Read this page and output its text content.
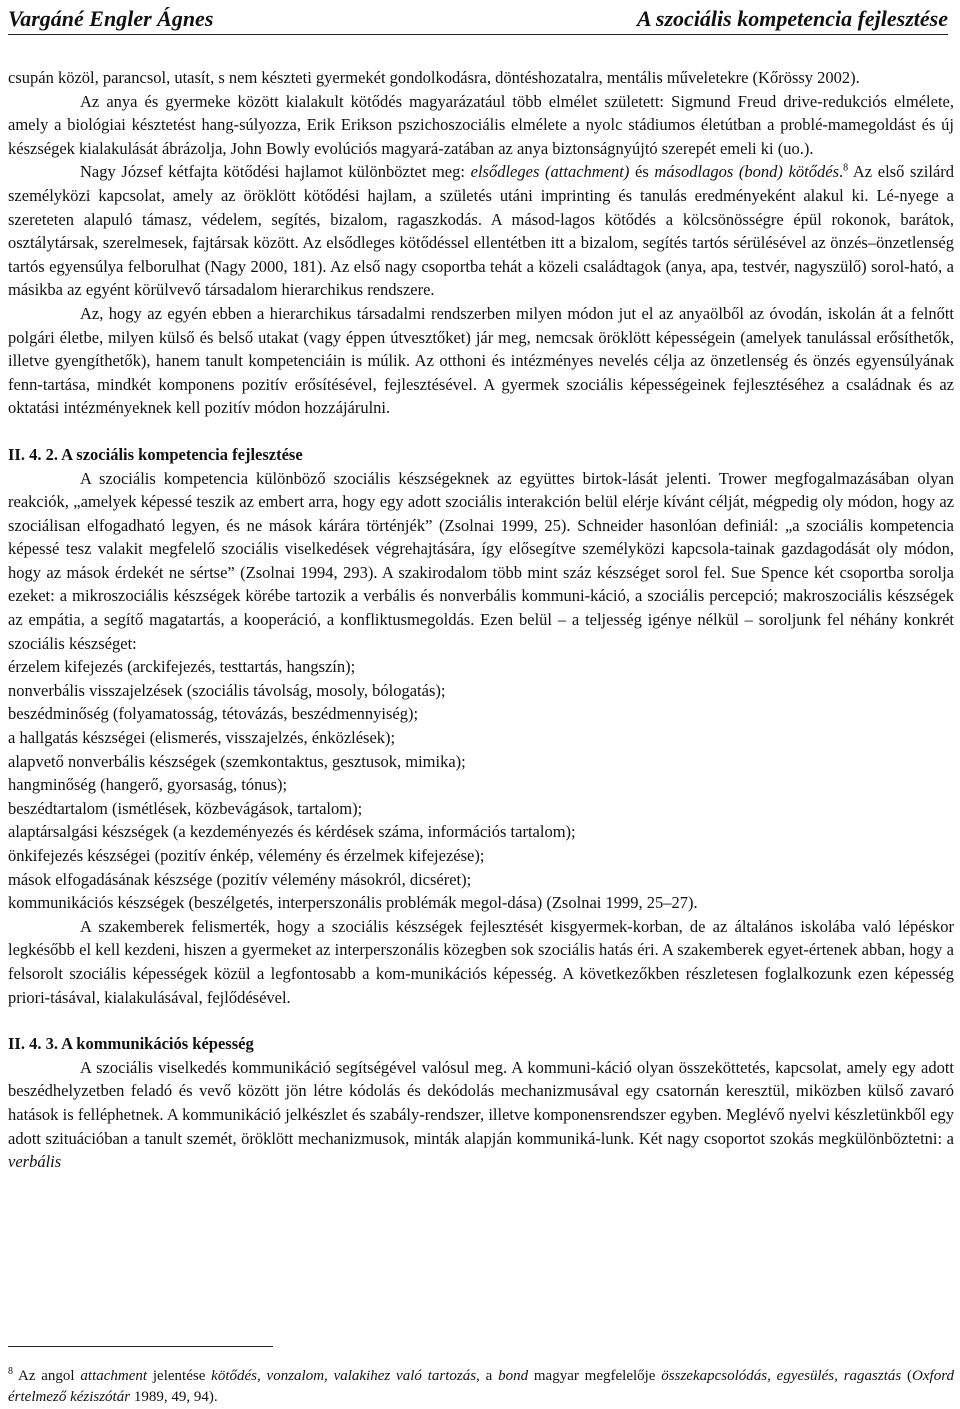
Vargáné Engler Ágnes	A szociális kompetencia fejlesztése

csupán közöl, parancsol, utasít, s nem készteti gyermekét gondolkodásra, döntéshozatalra, mentális műveletekre (Kőrössy 2002).

Az anya és gyermeke között kialakult kötődés magyarázatául több elmélet született: Sigmund Freud drive-redukciós elmélete, amely a biológiai késztetést hang-súlyozza, Erik Erikson pszichoszociális elmélete a nyolc stádiumos életútban a problé-mamegoldást és új készségek kialakulását ábrázolja, John Bowly evolúciós magyará-zatában az anya biztonságnyújtó szerepét emeli ki (uo.).

Nagy József kétfajta kötődési hajlamot különböztet meg: elsődleges (attachment) és másodlagos (bond) kötődés.$^8$ Az első szilárd személyközi kapcsolat, amely az öröklött kötődési hajlam, a születés utáni imprinting és tanulás eredményeként alakul ki. Lé-nyege a szereteten alapuló támasz, védelem, segítés, bizalom, ragaszkodás. A másod-lagos kötődés a kölcsönösségre épül rokonok, barátok, osztálytársak, szerelmesek, fajtársak között. Az elsődleges kötődéssel ellentétben itt a bizalom, segítés tartós sérülésével az önzés–önzetlenség tartós egyensúlya felborulhat (Nagy 2000, 181). Az első nagy csoportba tehát a közeli családtagok (anya, apa, testvér, nagyszülő) sorol-ható, a másikba az egyént körülvevő társadalom hierarchikus rendszere.

Az, hogy az egyén ebben a hierarchikus társadalmi rendszerben milyen módon jut el az anyaölből az óvodán, iskolán át a felnőtt polgári életbe, milyen külső és belső utakat (vagy éppen útvesztőket) jár meg, nemcsak öröklött képességein (amelyek tanulással erősíthetők, illetve gyengíthetők), hanem tanult kompetenciáin is múlik. Az otthoni és intézményes nevelés célja az önzetlenség és önzés egyensúlyának fenn-tartása, mindkét komponens pozitív erősítésével, fejlesztésével. A gyermek szociális képességeinek fejlesztéséhez a családnak és az oktatási intézményeknek kell pozitív módon hozzájárulni.

II. 4. 2. A szociális kompetencia fejlesztése

A szociális kompetencia különböző szociális készségeknek az együttes birtok-lását jelenti. Trower megfogalmazásában olyan reakciók, „amelyek képessé teszik az embert arra, hogy egy adott szociális interakción belül elérje kívánt célját, mégpedig oly módon, hogy az szociálisan elfogadható legyen, és ne mások kárára történjék” (Zsolnai 1999, 25). Schneider hasonlóan definiál: „a szociális kompetencia képessé tesz valakit megfelelő szociális viselkedések végrehajtására, így elősegítve személyközi kapcsola-tainak gazdagodását oly módon, hogy az mások érdekét ne sértse” (Zsolnai 1994, 293). A szakirodalom több mint száz készséget sorol fel. Sue Spence két csoportba sorolja ezeket: a mikroszociális készségek körébe tartozik a verbális és nonverbális kommuni-káció, a szociális percepció; makroszociális készségek az empátia, a segítő magatartás, a kooperáció, a konfliktusmegoldás. Ezen belül – a teljesség igénye nélkül – soroljunk fel néhány konkrét szociális készséget:

érzelem kifejezés (arckifejezés, testtartás, hangszín);

nonverbális visszajelzések (szociális távolság, mosoly, bólogatás);

beszédminőség (folyamatosság, tétovázás, beszédmennyiség);

a hallgatás készségei (elismerés, visszajelzés, énközlések);

alapvető nonverbális készségek (szemkontaktus, gesztusok, mimika);

hangminőség (hangerő, gyorsaság, tónus);

beszédtartalom (ismétlések, közbevágások, tartalom);

alaptársalgási készségek (a kezdeményezés és kérdések száma, információs tartalom);

önkifejezés készségei (pozitív énkép, vélemény és érzelmek kifejezése);

mások elfogadásának készsége (pozitív vélemény másokról, dicséret);

kommunikációs készségek (beszélgetés, interperszonális problémák megol-dása) (Zsolnai 1999, 25–27).

A szakemberek felismerték, hogy a szociális készségek fejlesztését kisgyermek-korban, de az általános iskolába való lépéskor legkésőbb el kell kezdeni, hiszen a gyermeket az interperszonális közegben sok szociális hatás éri. A szakemberek egyet-értenek abban, hogy a felsorolt szociális képességek közül a legfontosabb a kom-munikációs képesség. A következőkben részletesen foglalkozunk ezen képesség priori-tásával, kialakulásával, fejlődésével.

II. 4. 3. A kommunikációs képesség

A szociális viselkedés kommunikáció segítségével valósul meg. A kommuni-káció olyan összeköttetés, kapcsolat, amely egy adott beszédhelyzetben feladó és vevő között jön létre kódolás és dekódolás mechanizmusával egy csatornán keresztül, miközben külső zavaró hatások is felléphetnek. A kommunikáció jelkészlet és szabály-rendszer, illetve komponensrendszer egyben. Meglévő nyelvi készletünkből egy adott szituációban a tanult szemét, öröklött mechanizmusok, minták alapján kommuniká-lunk. Két nagy csoportot szokás megkülönböztetni: a verbális

$^8$ Az angol attachment jelentése kötődés, vonzalom, valakihez való tartozás, a bond magyar megfelelője összekapcsolódás, egyesülés, ragasztás (Oxford értelmező kéziszótár 1989, 49, 94).
